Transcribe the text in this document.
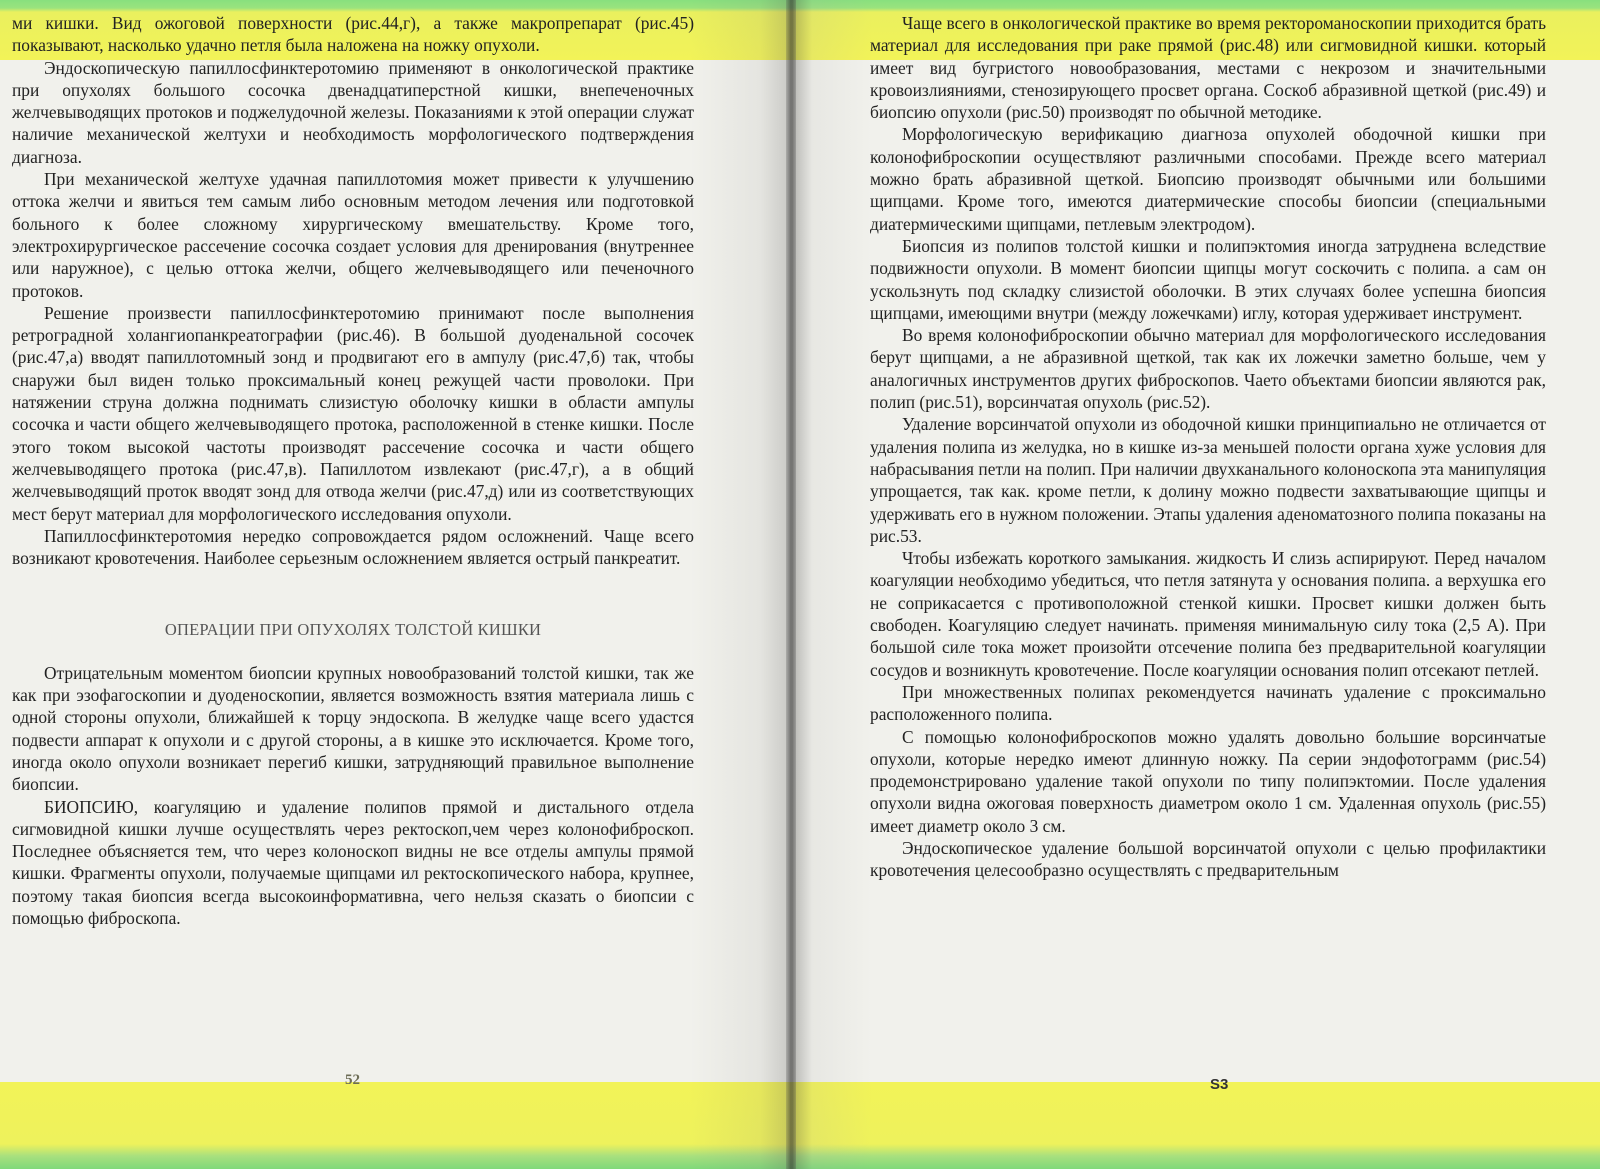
ми кишки. Вид ожоговой поверхности (рис.44,г), а также макропрепарат (рис.45) показывают, насколько удачно петля была наложена на ножку опухоли.

Эндоскопическую папиллосфинктеротомию применяют в онкологической практике при опухолях большого сосочка двенадцатиперстной кишки, внепеченочных желчевыводящих протоков и поджелудочной железы. Показаниями к этой операции служат наличие механической желтухи и необходимость морфологического подтверждения диагноза.

При механической желтухе удачная папиллотомия может привести к улучшению оттока желчи и явиться тем самым либо основным методом лечения или подготовкой больного к более сложному хирургическому вмешательству. Кроме того, электрохирургическое рассечение сосочка создает условия для дренирования (внутреннее или наружное), с целью оттока желчи, общего желчевыводящего или печеночного протоков.

Решение произвести папиллосфинктеротомию принимают после выполнения ретроградной холангиопанкреатографии (рис.46). В большой дуоденальной сосочек (рис.47,а) вводят папиллотомный зонд и продвигают его в ампулу (рис.47,б) так, чтобы снаружи был виден только проксимальный конец режущей части проволоки. При натяжении струна должна поднимать слизистую оболочку кишки в области ампулы сосочка и части общего желчевыводящего протока, расположенной в стенке кишки. После этого током высокой частоты производят рассечение сосочка и части общего желчевыводящего протока (рис.47,в). Папиллотом извлекают (рис.47,г), а в общий желчевыводящий проток вводят зонд для отвода желчи (рис.47,д) или из соответствующих мест берут материал для морфологического исследования опухоли.

Папиллосфинктеротомия нередко сопровождается рядом осложнений. Чаще всего возникают кровотечения. Наиболее серьезным осложнением является острый панкреатит.

ОПЕРАЦИИ ПРИ ОПУХОЛЯХ ТОЛСТОЙ КИШКИ

Отрицательным моментом биопсии крупных новообразований толстой кишки, так же как при эзофагоскопии и дуоденоскопии, является возможность взятия материала лишь с одной стороны опухоли, ближайшей к торцу эндоскопа. В желудке чаще всего удастся подвести аппарат к опухоли и с другой стороны, а в кишке это исключается. Кроме того, иногда около опухоли возникает перегиб кишки, затрудняющий правильное выполнение биопсии.

БИОПСИЮ, коагуляцию и удаление полипов прямой и дистального отдела сигмовидной кишки лучше осуществлять через ректоскоп,чем через колонофиброскоп. Последнее объясняется тем, что через колоноскоп видны не все отделы ампулы прямой кишки. Фрагменты опухоли, получаемые щипцами ил ректоскопического набора, крупнее, поэтому такая биопсия всегда высокоинформативна, чего нельзя сказать о биопсии с помощью фиброскопа.

52

Чаще всего в онкологической практике во время ректороманоскопии приходится брать материал для исследования при раке прямой (рис.48) или сигмовидной кишки. который имеет вид бугристого новообразования, местами с некрозом и значительными кровоизлияниями, стенозирующего просвет органа. Соскоб абразивной щеткой (рис.49) и биопсию опухоли (рис.50) производят по обычной методике.

Морфологическую верификацию диагноза опухолей ободочной кишки при колонофиброскопии осуществляют различными способами. Прежде всего материал можно брать абразивной щеткой. Биопсию производят обычными или большими щипцами. Кроме того, имеются диатермические способы биопсии (специальными диатермическими щипцами, петлевым электродом).

Биопсия из полипов толстой кишки и полипэктомия иногда затруднена вследствие подвижности опухоли. В момент биопсии щипцы могут соскочить с полипа. а сам он ускользнуть под складку слизистой оболочки. В этих случаях более успешна биопсия щипцами, имеющими внутри (между ложечками) иглу, которая удерживает инструмент.

Во время колонофиброскопии обычно материал для морфологического исследования берут щипцами, а не абразивной щеткой, так как их ложечки заметно больше, чем у аналогичных инструментов других фиброскопов. Чаето объектами биопсии являются рак, полип (рис.51), ворсинчатая опухоль (рис.52).

Удаление ворсинчатой опухоли из ободочной кишки принципиально не отличается от удаления полипа из желудка, но в кишке из-за меньшей полости органа хуже условия для набрасывания петли на полип. При наличии двухканального колоноскопа эта манипуляция упрощается, так как. кроме петли, к долину можно подвести захватывающие щипцы и удерживать его в нужном положении. Этапы удаления аденоматозного полипа показаны на рис.53.

Чтобы избежать короткого замыкания. жидкость И слизь аспирируют. Перед началом коагуляции необходимо убедиться, что петля затянута у основания полипа. а верхушка его не соприкасается с противоположной стенкой кишки. Просвет кишки должен быть свободен. Коагуляцию следует начинать. применяя минимальную силу тока (2,5 А). При большой силе тока может произойти отсечение полипа без предварительной коагуляции сосудов и возникнуть кровотечение. После коагуляции основания полип отсекают петлей.

При множественных полипах рекомендуется начинать удаление с проксимально расположенного полипа.

С помощью колонофиброскопов можно удалять довольно большие ворсинчатые опухоли, которые нередко имеют длинную ножку. Па серии эндофотограмм (рис.54) продемонстрировано удаление такой опухоли по типу полипэктомии. После удаления опухоли видна ожоговая поверхность диаметром около 1 см. Удаленная опухоль (рис.55) имеет диаметр около 3 см.

Эндоскопическое удаление большой ворсинчатой опухоли с целью профилактики кровотечения целесообразно осуществлять с предварительным

S3
